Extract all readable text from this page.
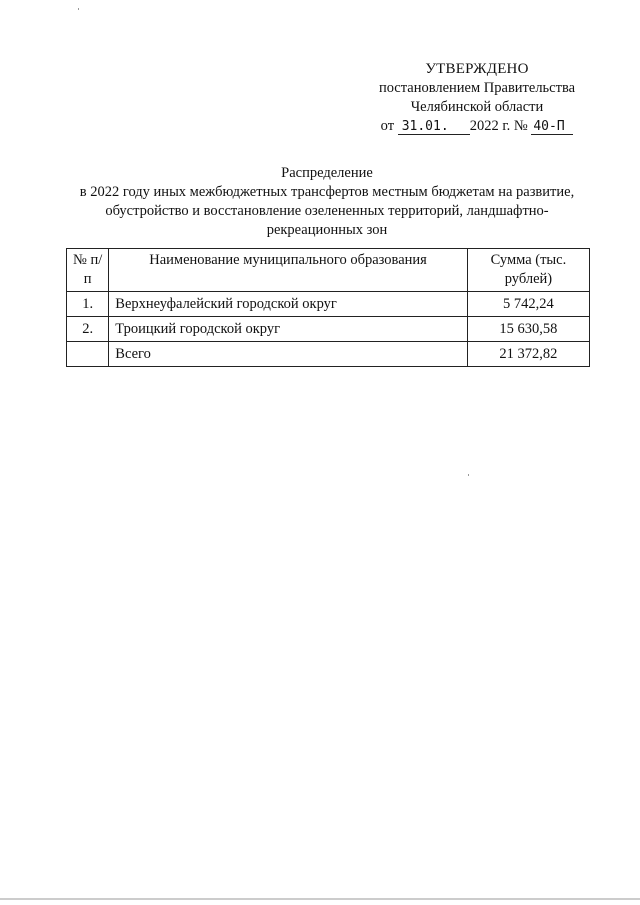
УТВЕРЖДЕНО
постановлением Правительства
Челябинской области
от 31.01. 2022 г. № 40-П
Распределение
в 2022 году иных межбюджетных трансфертов местным бюджетам на развитие,
обустройство и восстановление озелененных территорий, ландшафтно-
рекреационных зон
№ п/п	Наименование муниципального образования	Сумма (тыс. рублей)
1.	Верхнеуфалейский городской округ	5 742,24
2.	Троицкий городской округ	15 630,58
	Всего	21 372,82
